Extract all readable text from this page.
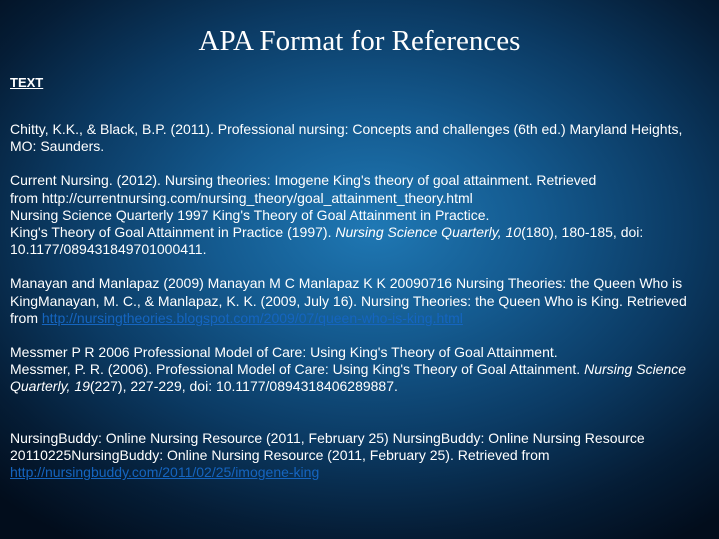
APA Format for References
TEXT

Chitty, K.K., & Black, B.P. (2011). Professional nursing: Concepts and challenges (6th ed.) Maryland Heights, MO: Saunders.

Current Nursing. (2012). Nursing theories: Imogene King's theory of goal attainment. Retrieved

from http://currentnursing.com/nursing_theory/goal_attainment_theory.html

Nursing Science Quarterly 1997 King's Theory of Goal Attainment in Practice.

King's Theory of Goal Attainment in Practice (1997). Nursing Science Quarterly, 10(180), 180-185, doi:

10.1177/089431849701000411.

Manayan and Manlapaz (2009) Manayan M C Manlapaz K K 20090716 Nursing Theories: the Queen Who is KingManayan, M. C., & Manlapaz, K. K. (2009, July 16). Nursing Theories: the Queen Who is King. Retrieved from http://nursingtheories.blogspot.com/2009/07/queen-who-is-king.html

Messmer P R 2006 Professional Model of Care: Using King's Theory of Goal Attainment.

Messmer, P. R. (2006). Professional Model of Care: Using King's Theory of Goal Attainment. Nursing Science Quarterly, 19(227), 227-229, doi: 10.1177/0894318406289887.

NursingBuddy: Online Nursing Resource (2011, February 25) NursingBuddy: Online Nursing Resource 20110225NursingBuddy: Online Nursing Resource (2011, February 25). Retrieved from http://nursingbuddy.com/2011/02/25/imogene-king
